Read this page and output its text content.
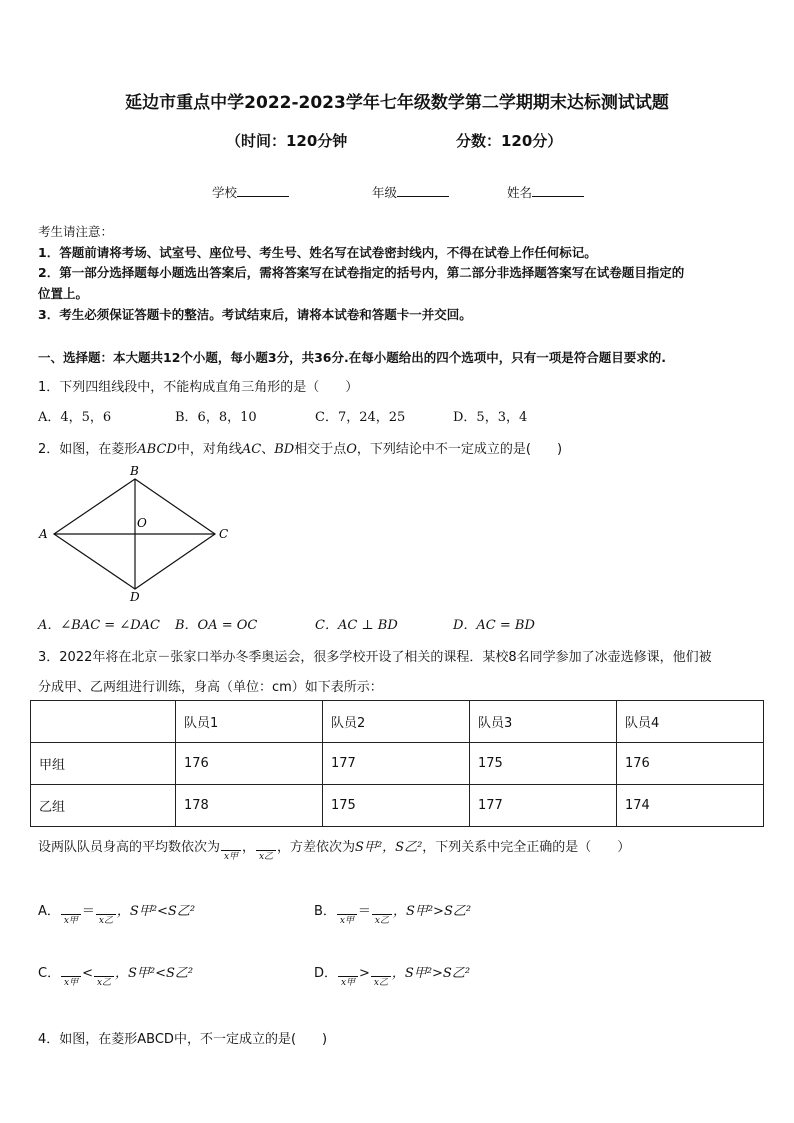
延边市重点中学2022-2023学年七年级数学第二学期期末达标测试试题
（时间：120分钟	分数：120分）
学校	年级	姓名
考生请注意：
1．答题前请将考场、试室号、座位号、考生号、姓名写在试卷密封线内，不得在试卷上作任何标记。
2．第一部分选择题每小题选出答案后，需将答案写在试卷指定的括号内，第二部分非选择题答案写在试卷题目指定的
位置上。
3．考生必须保证答题卡的整洁。考试结束后，请将本试卷和答题卡一并交回。
一、选择题：本大题共12个小题，每小题3分，共36分.在每小题给出的四个选项中，只有一项是符合题目要求的.
1．下列四组线段中，不能构成直角三角形的是（　　）
A．4，5，6	B．6，8，10	C．7，24，25	D．5，3，4
2．如图，在菱形ABCD中，对角线AC、BD相交于点O，下列结论中不一定成立的是(　　)
B
A	C
D
O
A．∠BAC = ∠DAC B．OA = OC	C．AC ⊥ BD	D．AC = BD
3．2022年将在北京－张家口举办冬季奥运会，很多学校开设了相关的课程．某校8名同学参加了冰壶选修课，他们被
分成甲、乙两组进行训练，身高（单位：cm）如下表所示：
	队员1	队员2	队员3	队员4
甲组	176	177	175	176
乙组	178	175	177	174
设两队队员身高的平均数依次为
x甲
，
x乙
，方差依次为S甲²，S乙²，下列关系中完全正确的是（　　）
A．
x甲
＝
x乙
，S甲²<S乙²	B．
x甲
＝
x乙
，S甲²>S乙²
C．
x甲
<
x乙
，S甲²<S乙²	D．
x甲
>
x乙
，S甲²>S乙²
4．如图，在菱形ABCD中，不一定成立的是(　　)
